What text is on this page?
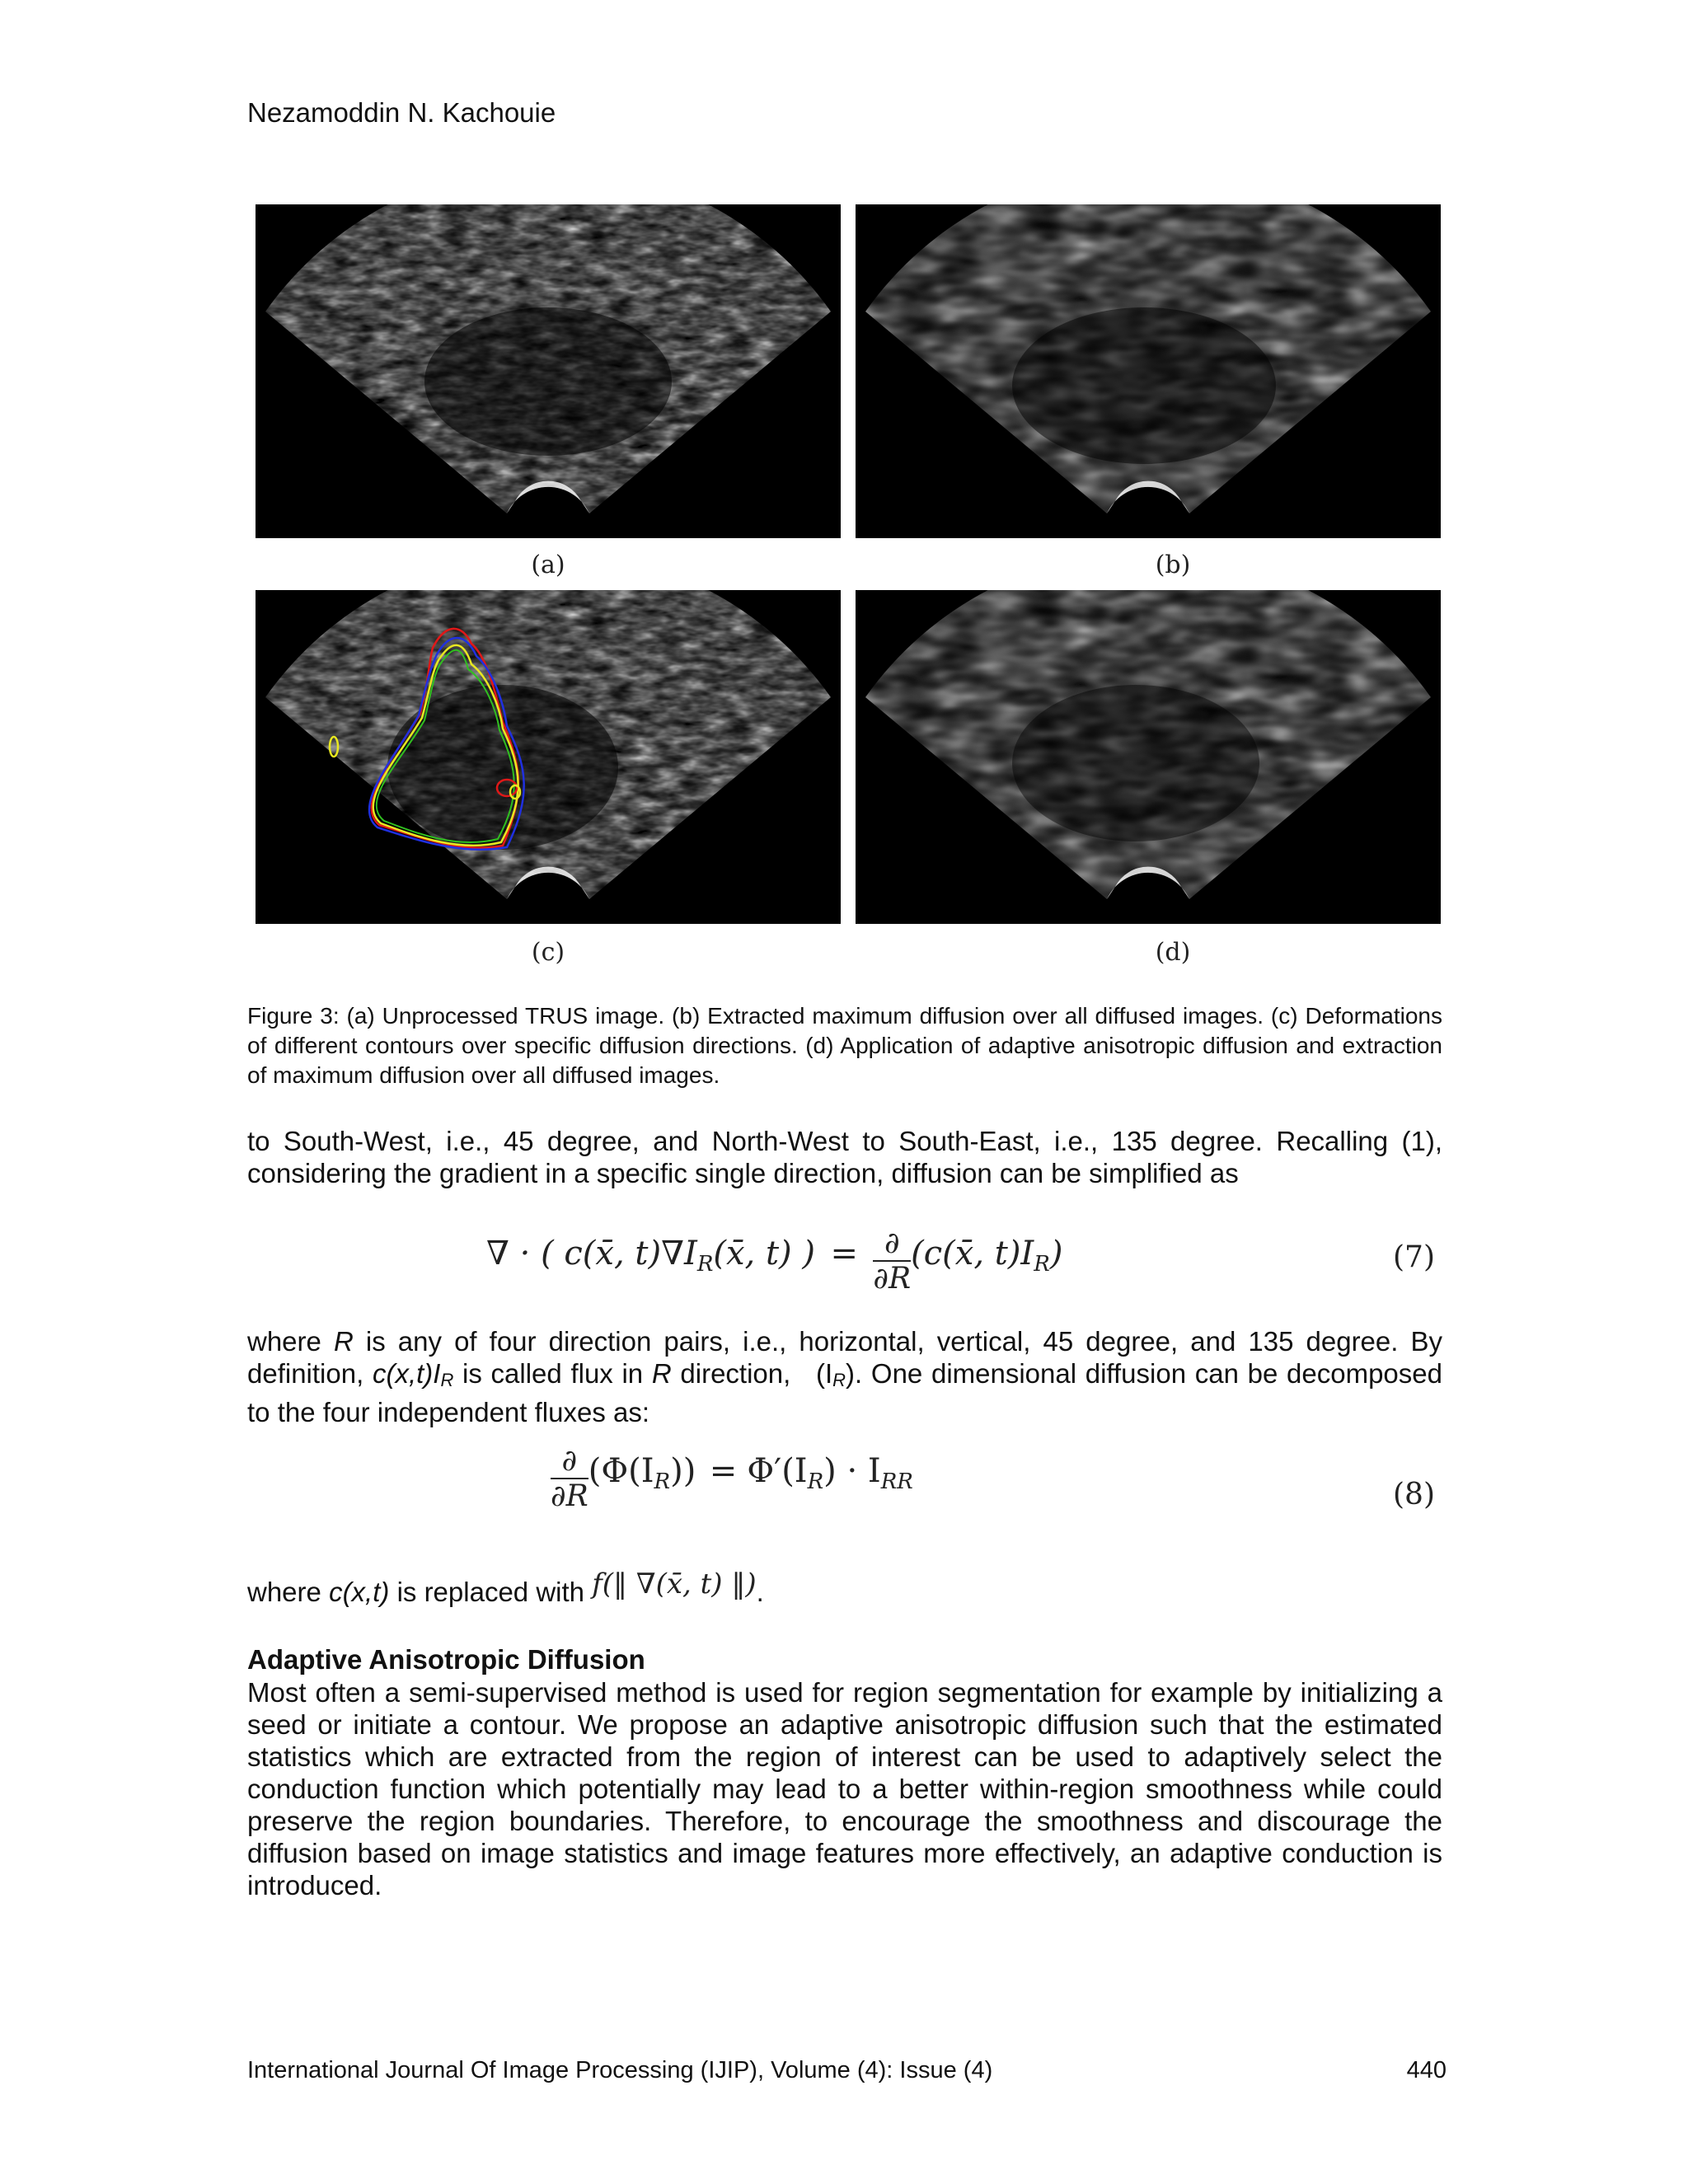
Nezamoddin N. Kachouie
(a)	(b)
(c)	(d)
Figure 3: (a) Unprocessed TRUS image. (b) Extracted maximum diffusion over all diffused images. (c) Deformations of different contours over specific diffusion directions. (d) Application of adaptive anisotropic diffusion and extraction of maximum diffusion over all diffused images.
to South-West, i.e., 45 degree, and North-West to South-East, i.e., 135 degree. Recalling (1), considering the gradient in a specific single direction, diffusion can be simplified as
∇ · ( c(x̄, t)∇IR(x̄, t) ) = ∂
∂R
(c(x̄, t)IR)	(7)
where R is any of four direction pairs, i.e., horizontal, vertical, 45 degree, and 135 degree. By definition, c(x,t)IR is called flux in R direction, (IR). One dimensional diffusion can be decomposed to the four independent fluxes as:
∂
∂R
(Φ(IR)) = Φ′(IR) · IRR	(8)
where c(x,t) is replaced with f(‖ ∇(x̄, t) ‖).
Adaptive Anisotropic Diffusion
Most often a semi-supervised method is used for region segmentation for example by initializing a seed or initiate a contour. We propose an adaptive anisotropic diffusion such that the estimated statistics which are extracted from the region of interest can be used to adaptively select the conduction function which potentially may lead to a better within-region smoothness while could preserve the region boundaries. Therefore, to encourage the smoothness and discourage the diffusion based on image statistics and image features more effectively, an adaptive conduction is introduced.
International Journal Of Image Processing (IJIP), Volume (4): Issue (4)	440
